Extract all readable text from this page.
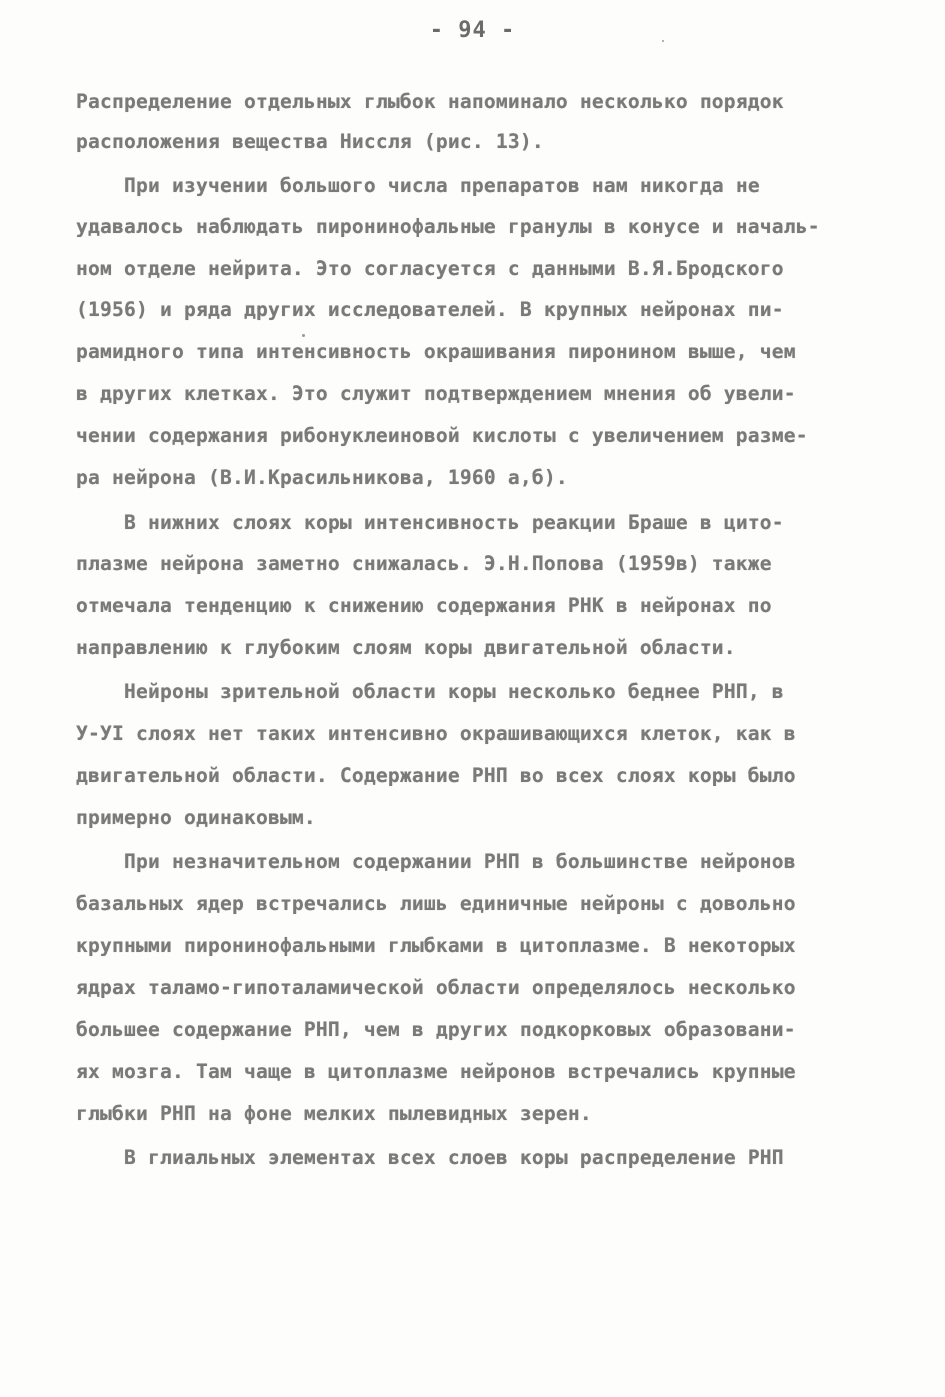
- 94 -
Распределение отдельных глыбок напоминало несколько порядок
расположения вещества Ниссля (рис. 13).
При изучении большого числа препаратов нам никогда не
удавалось наблюдать пиронинофальные гранулы в конусе и началь-
ном отделе нейрита. Это согласуется с данными В.Я.Бродского
(1956) и ряда других исследователей. В крупных нейронах пи-
рамидного типа интенсивность окрашивания пиронином выше, чем
в других клетках. Это служит подтверждением мнения об увели-
чении содержания рибонуклеиновой кислоты с увеличением разме-
ра нейрона (В.И.Красильникова, 1960 а,б).
В нижних слоях коры интенсивность реакции Браше в цито-
плазме нейрона заметно снижалась. Э.Н.Попова (1959в) также
отмечала тенденцию к снижению содержания РНК в нейронах по
направлению к глубоким слоям коры двигательной области.
Нейроны зрительной области коры несколько беднее РНП, в
У-УI слоях нет таких интенсивно окрашивающихся клеток, как в
двигательной области. Содержание РНП во всех слоях коры было
примерно одинаковым.
При незначительном содержании РНП в большинстве нейронов
базальных ядер встречались лишь единичные нейроны с довольно
крупными пиронинофальными глыбками в цитоплазме. В некоторых
ядрах таламо-гипоталамической области определялось несколько
большее содержание РНП, чем в других подкорковых образовани-
ях мозга. Там чаще в цитоплазме нейронов встречались крупные
глыбки РНП на фоне мелких пылевидных зерен.
В глиальных элементах всех слоев коры распределение РНП
